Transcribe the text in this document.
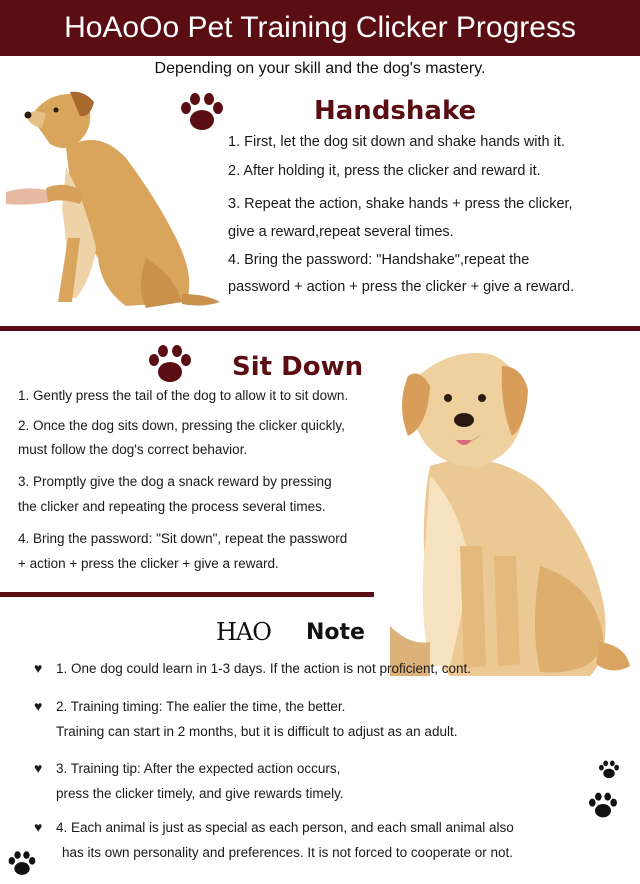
HoAoOo Pet Training Clicker Progress
Depending on your skill and the dog's mastery.
Handshake
1. First, let the dog sit down and shake hands with it.
2. After holding it, press the clicker and reward it.
3. Repeat the action, shake hands + press the clicker,
give a reward,repeat several times.
4. Bring the password: "Handshake",repeat the
password + action + press the clicker + give a reward.
Sit Down
1. Gently press the tail of the dog to allow it to sit down.
2. Once the dog sits down, pressing the clicker quickly,
must follow the dog's correct behavior.
3. Promptly give the dog a snack reward by pressing
the clicker and repeating the process several times.
4. Bring the password: "Sit down", repeat the password
+ action + press the clicker + give a reward.
HAO Note
♥ 1. One dog could learn in 1-3 days. If the action is not proficient, cont.
♥ 2. Training timing: The ealier the time, the better.
Training can start in 2 months, but it is difficult to adjust as an adult.
♥ 3. Training tip: After the expected action occurs,
press the clicker timely, and give rewards timely.
♥ 4. Each animal is just as special as each person, and each small animal also
has its own personality and preferences. It is not forced to cooperate or not.
